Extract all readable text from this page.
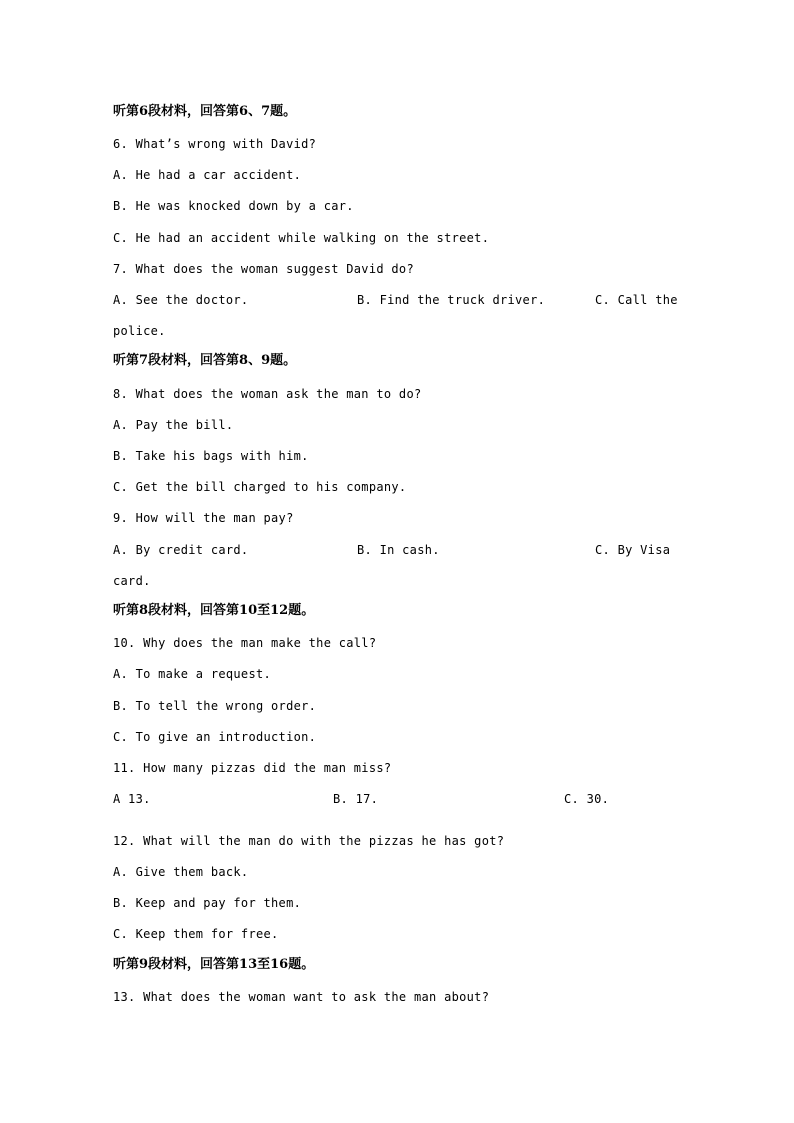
听第6段材料，回答第6、7题。
6. What’s wrong with David?
A. He had a car accident.
B. He was knocked down by a car.
C. He had an accident while walking on the street.
7. What does the woman suggest David do?

A. See the doctor.

	B. Find the truck driver.

	C. Call the

police.
听第7段材料，回答第8、9题。
8. What does the woman ask the man to do?
A. Pay the bill.
B. Take his bags with him.
C. Get the bill charged to his company.
9. How will the man pay?

A. By credit card.

	B. In cash.

	C. By Visa

card.
听第8段材料，回答第10至12题。
10. Why does the man make the call?
A. To make a request.
B. To tell the wrong order.
C. To give an introduction.
11. How many pizzas did the man miss?

A 13.

	B. 17.

	C. 30.

12. What will the man do with the pizzas he has got?
A. Give them back.
B. Keep and pay for them.
C. Keep them for free.
听第9段材料，回答第13至16题。
13. What does the woman want to ask the man about?
